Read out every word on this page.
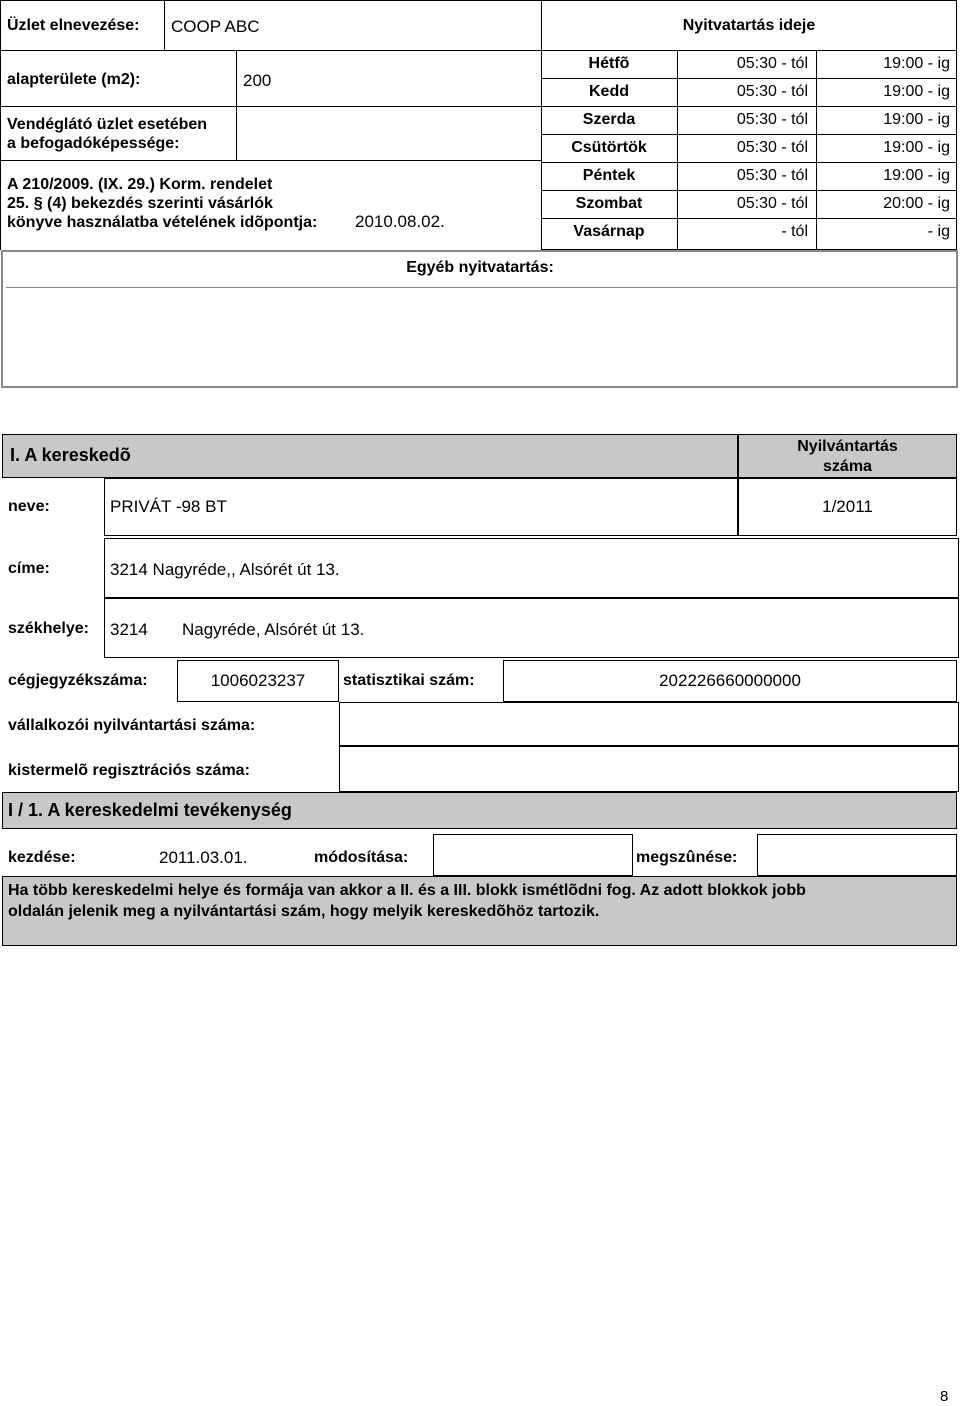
Üzlet elnevezése: COOP ABC
alapterülete (m2):	200
Vendéglátó üzlet esetében
a befogadóképessége:
A 210/2009. (IX. 29.) Korm. rendelet
25. § (4) bekezdés szerinti vásárlók
könyve használatba vételének idõpontja: 2010.08.02.
Nyitvatartás ideje
Hétfõ	05:30 - tól	19:00 - ig
Kedd	05:30 - tól	19:00 - ig
Szerda	05:30 - tól	19:00 - ig
Csütörtök	05:30 - tól	19:00 - ig
Péntek	05:30 - tól	19:00 - ig
Szombat	05:30 - tól	20:00 - ig
Vasárnap	- tól	- ig
Egyéb nyitvatartás:
I. A kereskedõ	Nyilvántartás
száma
neve:	PRIVÁT -98 BT	1/2011
címe:	3214 Nagyréde,, Alsórét út 13.
székhelye: 3214 Nagyréde, Alsórét út 13.
cégjegyzékszáma:	1006023237	statisztikai szám:	202226660000000
vállalkozói nyilvántartási száma:
kistermelõ regisztrációs száma:
I / 1. A kereskedelmi tevékenység
kezdése:	2011.03.01.	módosítása:	megszûnése:
Ha több kereskedelmi helye és formája van akkor a II. és a III. blokk ismétlõdni fog. Az adott blokkok jobb oldalán jelenik meg a nyilvántartási szám, hogy melyik kereskedõhöz tartozik.
8
